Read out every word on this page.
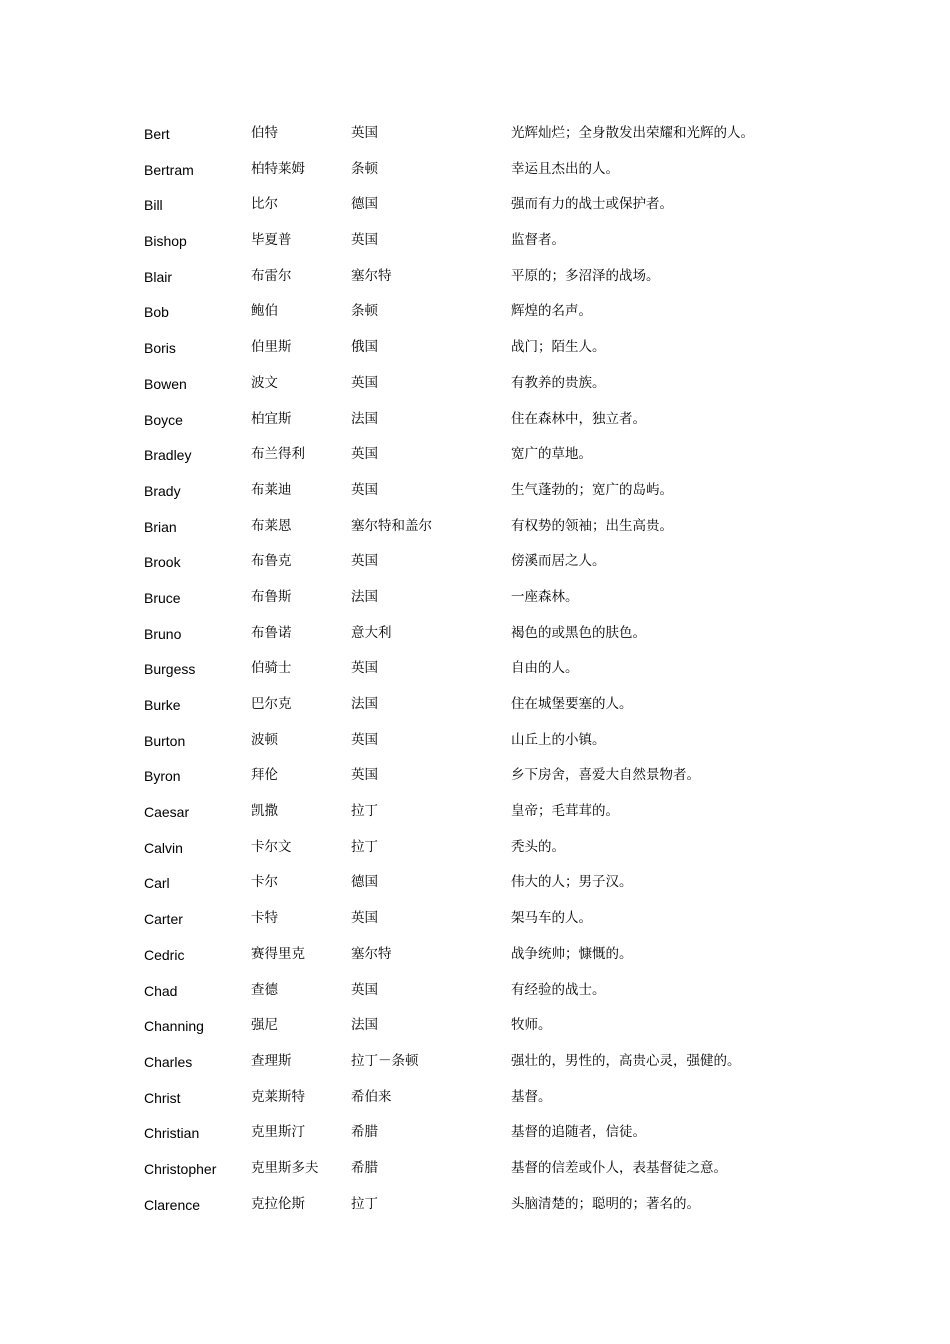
Bert	伯特	英国	光辉灿烂；全身散发出荣耀和光辉的人。
Bertram	柏特莱姆	条顿	幸运且杰出的人。
Bill	比尔	德国	强而有力的战士或保护者。
Bishop	毕夏普	英国	监督者。
Blair	布雷尔	塞尔特	平原的；多沼泽的战场。
Bob	鲍伯	条顿	辉煌的名声。
Boris	伯里斯	俄国	战门；陌生人。
Bowen	波文	英国	有教养的贵族。
Boyce	柏宜斯	法国	住在森林中，独立者。
Bradley	布兰得利	英国	宽广的草地。
Brady	布莱迪	英国	生气蓬勃的；宽广的岛屿。
Brian	布莱恩	塞尔特和盖尔	有权势的领袖；出生高贵。
Brook	布鲁克	英国	傍溪而居之人。
Bruce	布鲁斯	法国	一座森林。
Bruno	布鲁诺	意大利	褐色的或黑色的肤色。
Burgess	伯骑士	英国	自由的人。
Burke	巴尔克	法国	住在城堡要塞的人。
Burton	波顿	英国	山丘上的小镇。
Byron	拜伦	英国	乡下房舍，喜爱大自然景物者。
Caesar	凯撒	拉丁	皇帝；毛茸茸的。
Calvin	卡尔文	拉丁	秃头的。
Carl	卡尔	德国	伟大的人；男子汉。
Carter	卡特	英国	架马车的人。
Cedric	赛得里克	塞尔特	战争统帅；慷慨的。
Chad	查德	英国	有经验的战士。
Channing	强尼	法国	牧师。
Charles	查理斯	拉丁－条顿	强壮的，男性的，高贵心灵，强健的。
Christ	克莱斯特	希伯来	基督。
Christian	克里斯汀	希腊	基督的追随者，信徒。
Christopher	克里斯多夫 希腊	基督的信差或仆人，表基督徒之意。
Clarence	克拉伦斯	拉丁	头脑清楚的；聪明的；著名的。
